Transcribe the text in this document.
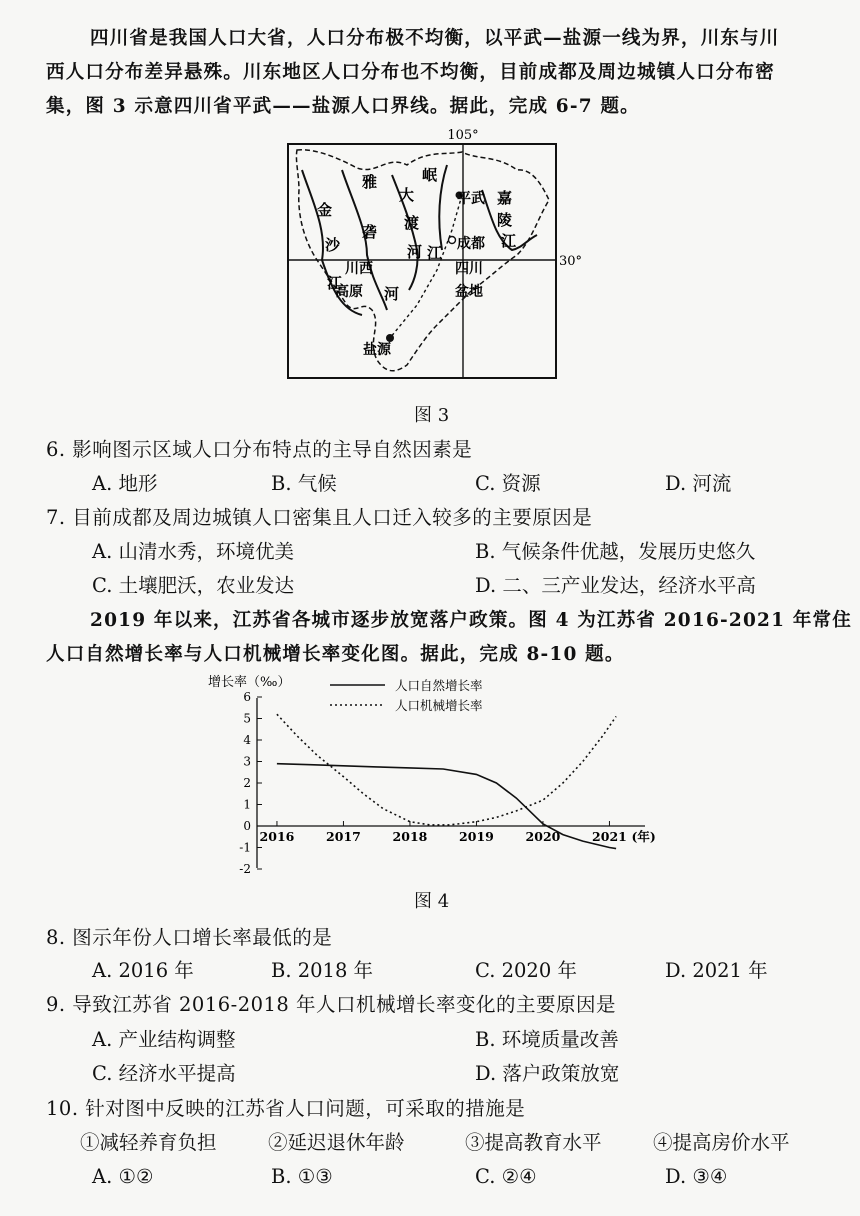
四川省是我国人口大省，人口分布极不均衡，以平武—盐源一线为界，川东与川
西人口分布差异悬殊。川东地区人口分布也不均衡，目前成都及周边城镇人口分布密
集，图 3 示意四川省平武——盐源人口界线。据此，完成 6-7 题。
105°
30°
雅
金
沙
江
砻
大
岷
渡
河 江
平武 嘉
陵
江
成都
川西
高原 河
四川
盆地
盐源
图 3
6. 影响图示区域人口分布特点的主导自然因素是
A. 地形	B. 气候	C. 资源	D. 河流
7. 目前成都及周边城镇人口密集且人口迁入较多的主要原因是
A. 山清水秀，环境优美	B. 气候条件优越，发展历史悠久
C. 土壤肥沃，农业发达	D. 二、三产业发达，经济水平高
2019 年以来，江苏省各城市逐步放宽落户政策。图 4 为江苏省 2016-2021 年常住
人口自然增长率与人口机械增长率变化图。据此，完成 8-10 题。
增长率（‰）
6
5
4
3
2
1
0
-1
-2
2016	2017	2018	2019	2020	2021 (年)
人口自然增长率
人口机械增长率
图 4
8. 图示年份人口增长率最低的是
A. 2016 年	B. 2018 年	C. 2020 年	D. 2021 年
9. 导致江苏省 2016-2018 年人口机械增长率变化的主要原因是
A. 产业结构调整	B. 环境质量改善
C. 经济水平提高	D. 落户政策放宽
10. 针对图中反映的江苏省人口问题，可采取的措施是
①减轻养育负担	②延迟退休年龄	③提高教育水平	④提高房价水平
A. ①②	B. ①③	C. ②④	D. ③④
